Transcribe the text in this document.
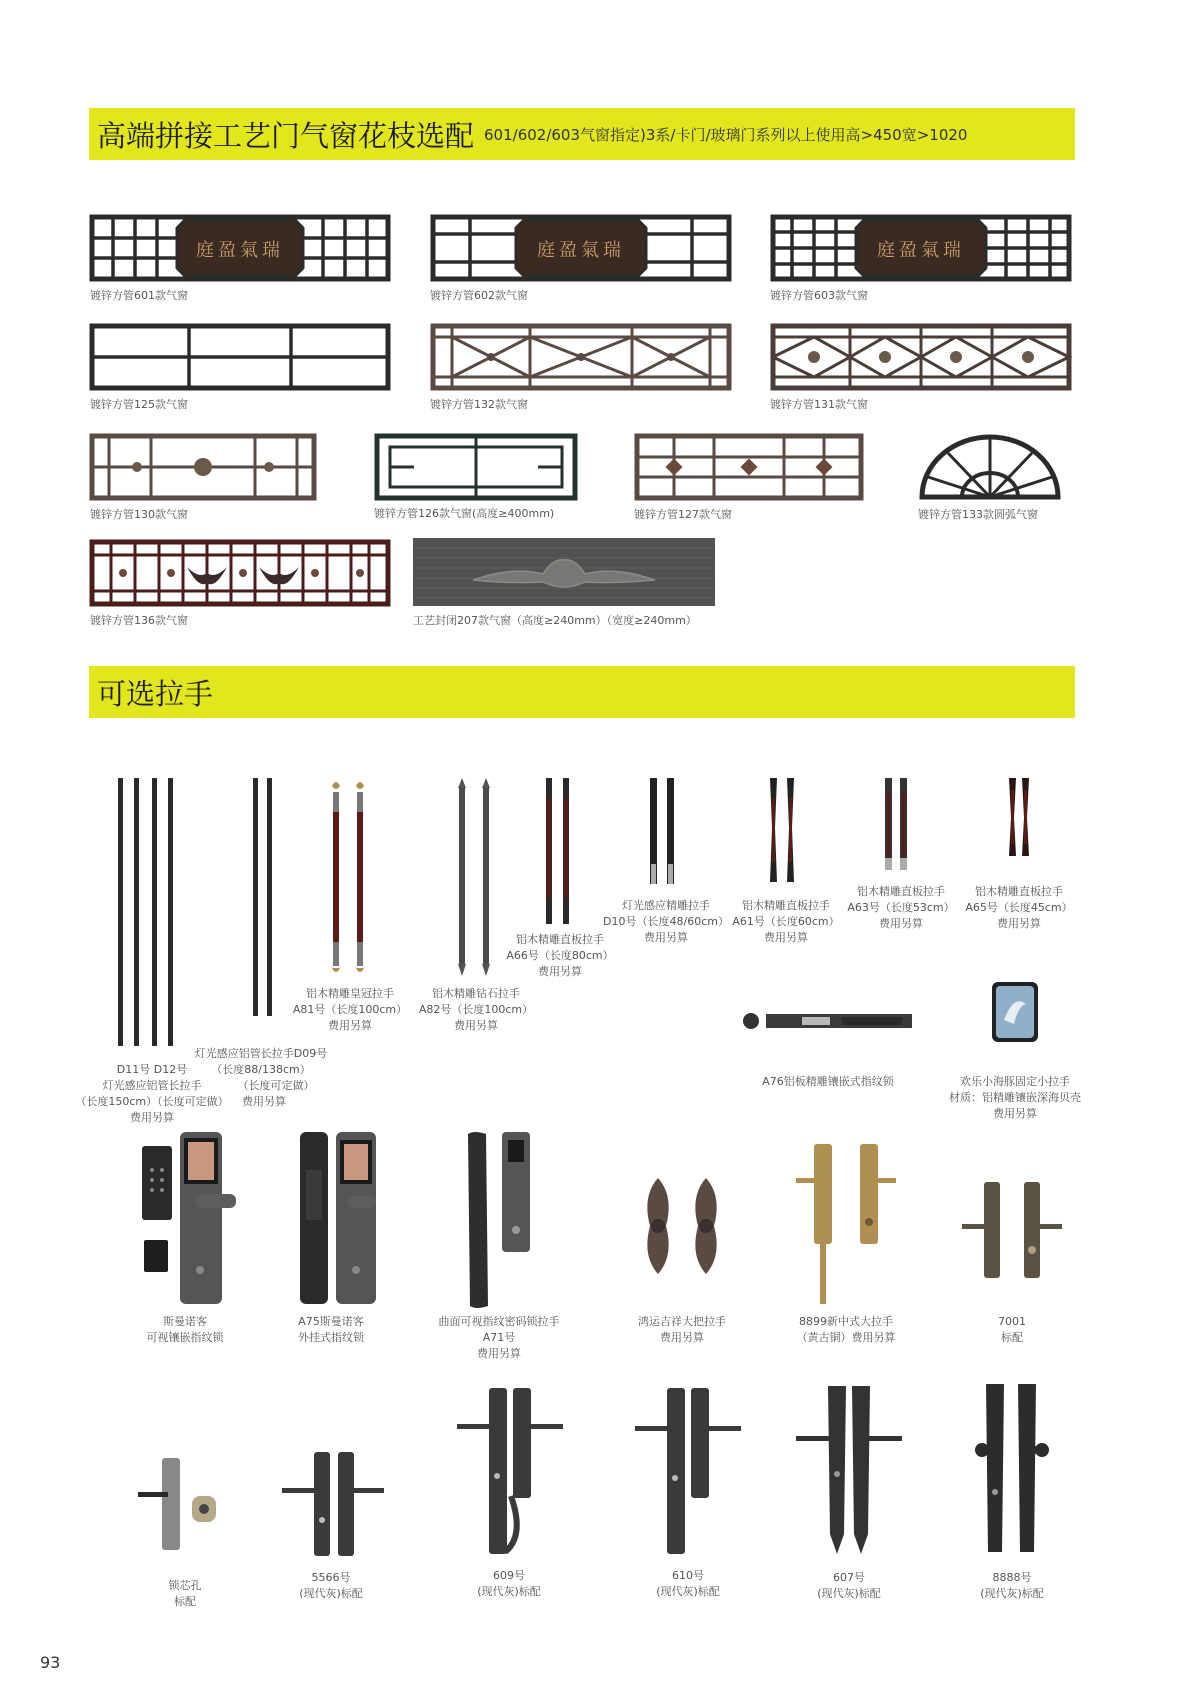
高端拼接工艺门气窗花枝选配 601/602/603气窗指定)3系/卡门/玻璃门系列以上使用高>450宽>1020
庭盈氣瑞	庭盈氣瑞	庭盈氣瑞
镀锌方管601款气窗	镀锌方管602款气窗	镀锌方管603款气窗
镀锌方管125款气窗	镀锌方管132款气窗	镀锌方管131款气窗
镀锌方管130款气窗	镀锌方管126款气窗(高度≥400mm)	镀锌方管127款气窗	镀锌方管133款圆弧气窗
镀锌方管136款气窗	工艺封闭207款气窗（高度≥240mm）（宽度≥240mm）
可选拉手
灯光感应铝管长拉手D09号
（长度88/138cm）
（长度可定做）
D11号 D12号
灯光感应铝管长拉手
（长度150cm）（长度可定做）
费用另算
费用另算
铝木精雕皇冠拉手
A81号（长度100cm）
费用另算
铝木精雕钻石拉手
A82号（长度100cm）
费用另算
铝木精雕直板拉手
A66号（长度80cm）
费用另算
灯光感应精雕拉手
D10号（长度48/60cm）
费用另算
铝木精雕直板拉手
A61号（长度60cm）
费用另算
铝木精雕直板拉手
A63号（长度53cm）
费用另算
铝木精雕直板拉手
A65号（长度45cm）
费用另算
A76铝板精雕镶嵌式指纹锁	欢乐小海豚固定小拉手
材质：铝精雕镶嵌深海贝壳
费用另算
斯曼诺客
可视镶嵌指纹锁
A75斯曼诺客
外挂式指纹锁
曲面可视指纹密码锁拉手
A71号
费用另算
鸿运吉祥大把拉手
费用另算
8899新中式大拉手
（黄古铜）费用另算
7001
标配
锁芯孔
标配
5566号
(现代灰)标配
609号
(现代灰)标配
610号
(现代灰)标配
607号
(现代灰)标配
8888号
(现代灰)标配
93
